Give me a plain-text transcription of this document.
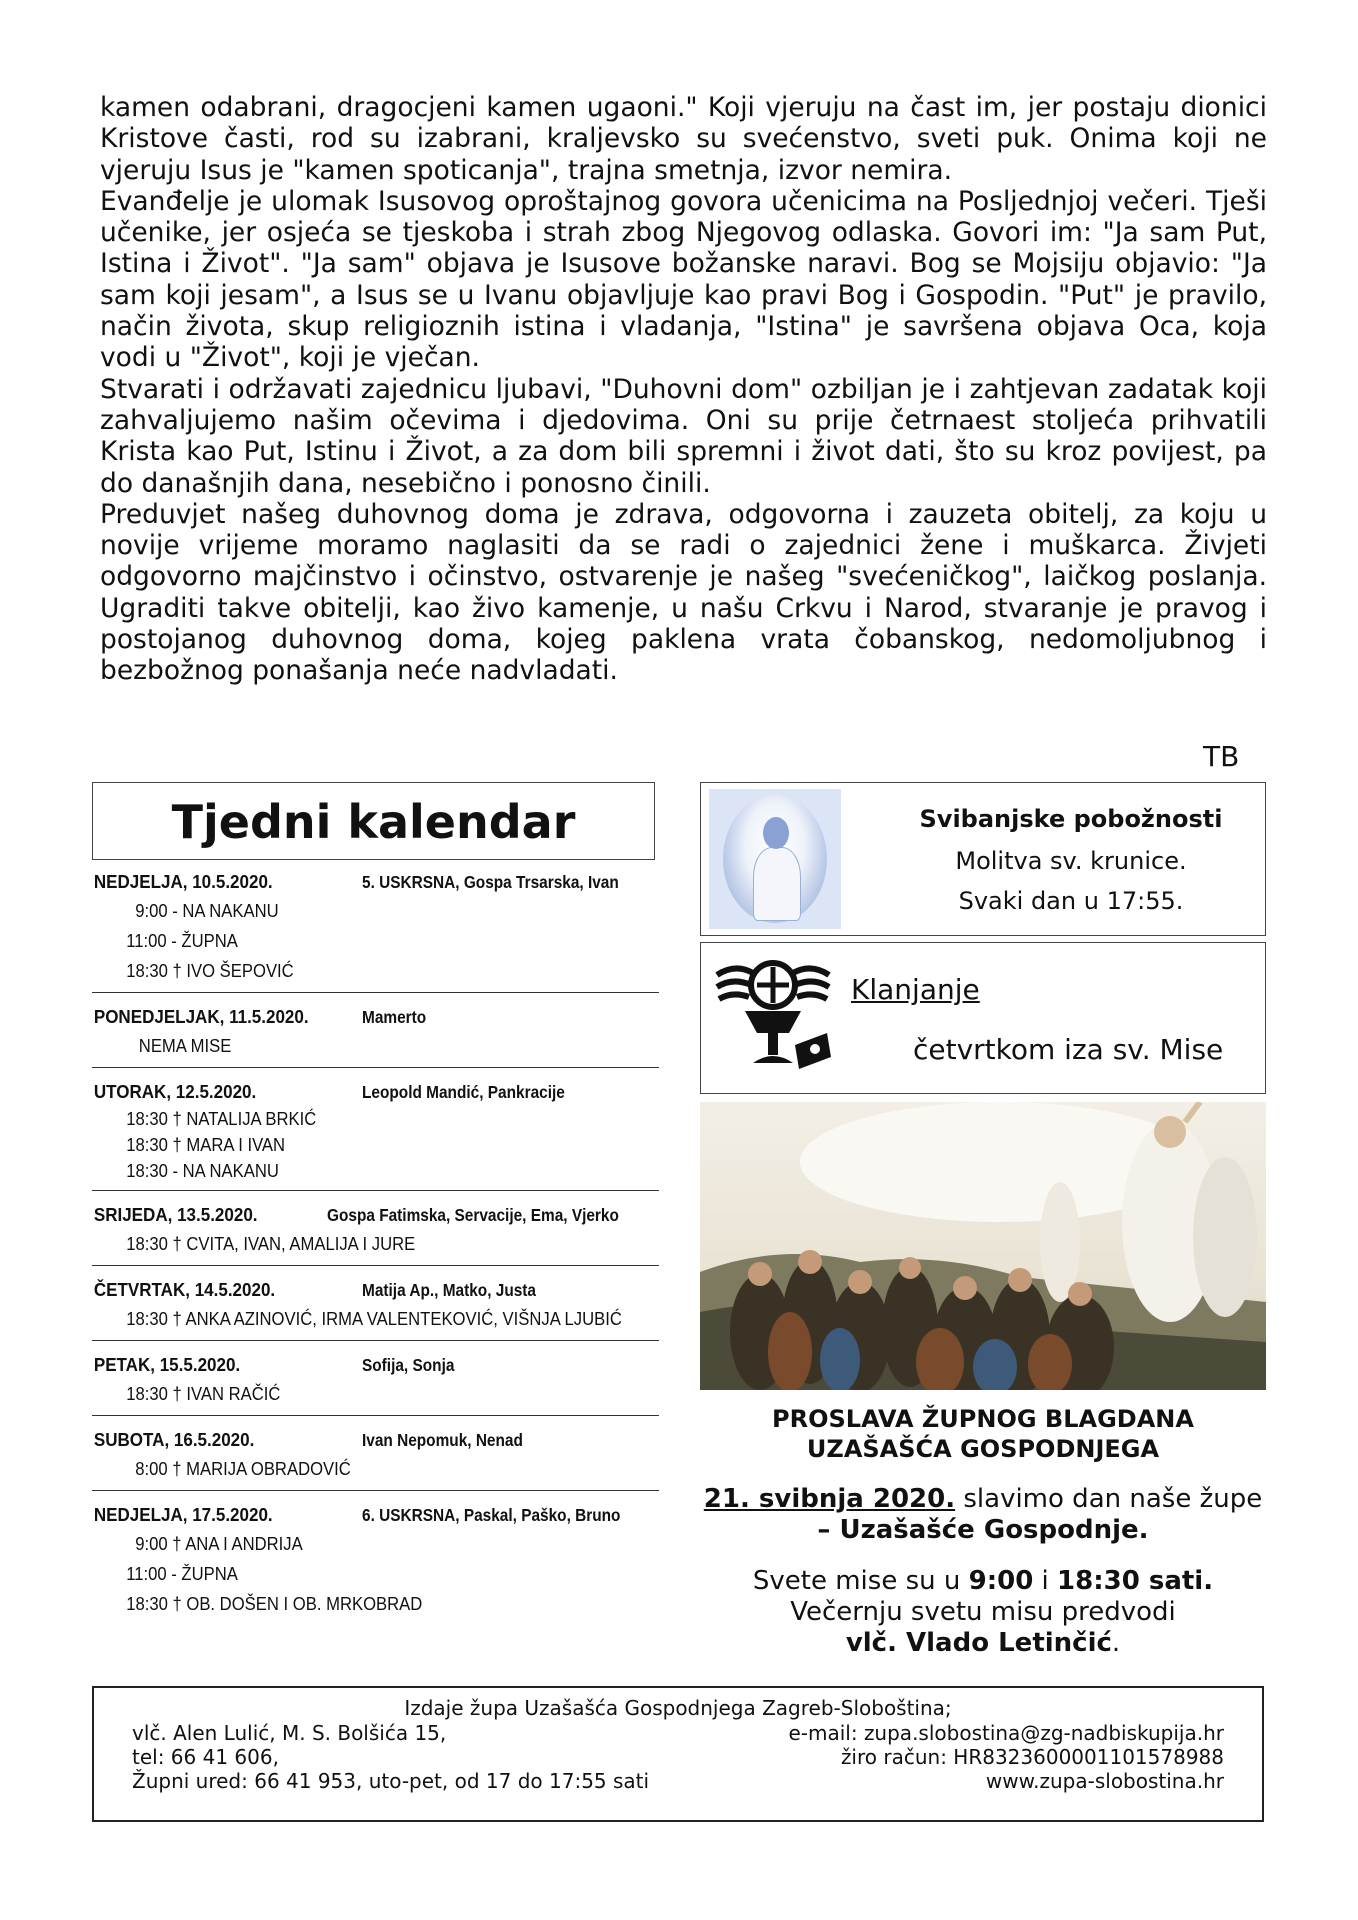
kamen odabrani, dragocjeni kamen ugaoni." Koji vjeruju na čast im, jer postaju dionici Kristove časti, rod su izabrani, kraljevsko su svećenstvo, sveti puk. Onima koji ne vjeruju Isus je "kamen spoticanja", trajna smetnja, izvor nemira.

Evanđelje je ulomak Isusovog oproštajnog govora učenicima na Posljednjoj večeri. Tješi učenike, jer osjeća se tjeskoba i strah zbog Njegovog odlaska. Govori im: "Ja sam Put, Istina i Život". "Ja sam" objava je Isusove božanske naravi. Bog se Mojsiju objavio: "Ja sam koji jesam", a Isus se u Ivanu objavljuje kao pravi Bog i Gospodin. "Put" je pravilo, način života, skup religioznih istina i vladanja, "Istina" je savršena objava Oca, koja vodi u "Život", koji je vječan.

Stvarati i održavati zajednicu ljubavi, "Duhovni dom" ozbiljan je i zahtjevan zadatak koji zahvaljujemo našim očevima i djedovima. Oni su prije četrnaest stoljeća prihvatili Krista kao Put, Istinu i Život, a za dom bili spremni i život dati, što su kroz povijest, pa do današnjih dana, nesebično i ponosno činili.

Preduvjet našeg duhovnog doma je zdrava, odgovorna i zauzeta obitelj, za koju u novije vrijeme moramo naglasiti da se radi o zajednici žene i muškarca. Živjeti odgovorno majčinstvo i očinstvo, ostvarenje je našeg "svećeničkog", laičkog poslanja. Ugraditi takve obitelji, kao živo kamenje, u našu Crkvu i Narod, stvaranje je pravog i postojanog duhovnog doma, kojeg paklena vrata čobanskog, nedomoljubnog i bezbožnog ponašanja neće nadvladati.

TB
Tjedni kalendar
NEDJELJA, 10.5.2020.	5. USKRSNA, Gospa Trsarska, Ivan
9:00 - NA NAKANU
11:00 - ŽUPNA
18:30 † IVO ŠEPOVIĆ
PONEDJELJAK, 11.5.2020.	Mamerto
NEMA MISE
UTORAK, 12.5.2020.	Leopold Mandić, Pankracije
18:30 † NATALIJA BRKIĆ
18:30 † MARA I IVAN
18:30 - NA NAKANU
SRIJEDA, 13.5.2020.	Gospa Fatimska, Servacije, Ema, Vjerko
18:30 † CVITA, IVAN, AMALIJA I JURE
ČETVRTAK, 14.5.2020.	Matija Ap., Matko, Justa
18:30 † ANKA AZINOVIĆ, IRMA VALENTEKOVIĆ, VIŠNJA LJUBIĆ
PETAK, 15.5.2020.	Sofija, Sonja
18:30 † IVAN RAČIĆ
SUBOTA, 16.5.2020.	Ivan Nepomuk, Nenad
8:00 † MARIJA OBRADOVIĆ
NEDJELJA, 17.5.2020.	6. USKRSNA, Paskal, Paško, Bruno
9:00 † ANA I ANDRIJA
11:00 - ŽUPNA
18:30 † OB. DOŠEN I OB. MRKOBRAD
Svibanjske pobožnosti
Molitva sv. krunice.
Svaki dan u 17:55.
Klanjanje
četvrtkom iza sv. Mise
PROSLAVA ŽUPNOG BLAGDANA
UZAŠAŠĆA GOSPODNJEGA
21. svibnja 2020. slavimo dan naše župe – Uzašašće Gospodnje.
Svete mise su u 9:00 i 18:30 sati.
Večernju svetu misu predvodi
vlč. Vlado Letinčić.
Izdaje župa Uzašašća Gospodnjega Zagreb-Sloboština;
vlč. Alen Lulić, M. S. Bolšića 15,
tel: 66 41 606,
Župni ured: 66 41 953, uto-pet, od 17 do 17:55 sati
e-mail: zupa.slobostina@zg-nadbiskupija.hr
žiro račun: HR8323600001101578988
www.zupa-slobostina.hr
